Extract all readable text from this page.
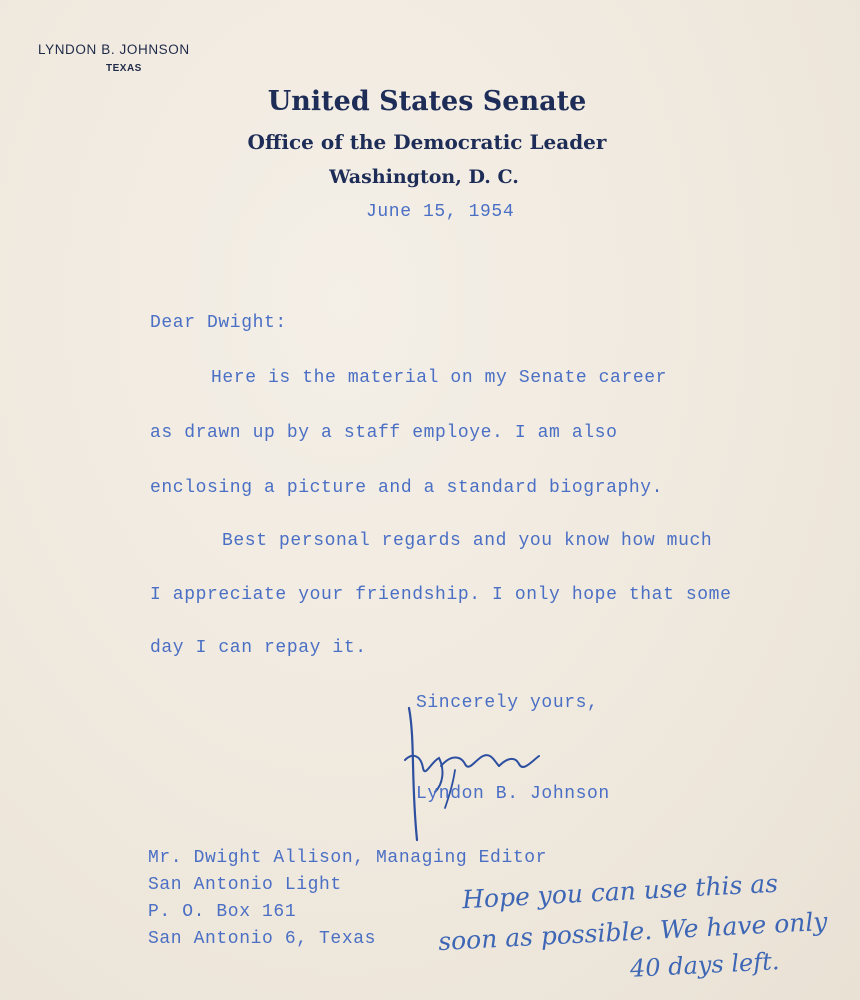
LYNDON B. JOHNSON
TEXAS
United States Senate
Office of the Democratic Leader
Washington, D. C.
June 15, 1954
Dear Dwight:
Here is the material on my Senate career
as drawn up by a staff employe. I am also
enclosing a picture and a standard biography.
Best personal regards and you know how much
I appreciate your friendship. I only hope that some
day I can repay it.
Sincerely yours,
Lyndon B. Johnson
Mr. Dwight Allison, Managing Editor
San Antonio Light
P. O. Box 161
San Antonio 6, Texas
Hope you can use this as
soon as possible. We have only
40 days left.
